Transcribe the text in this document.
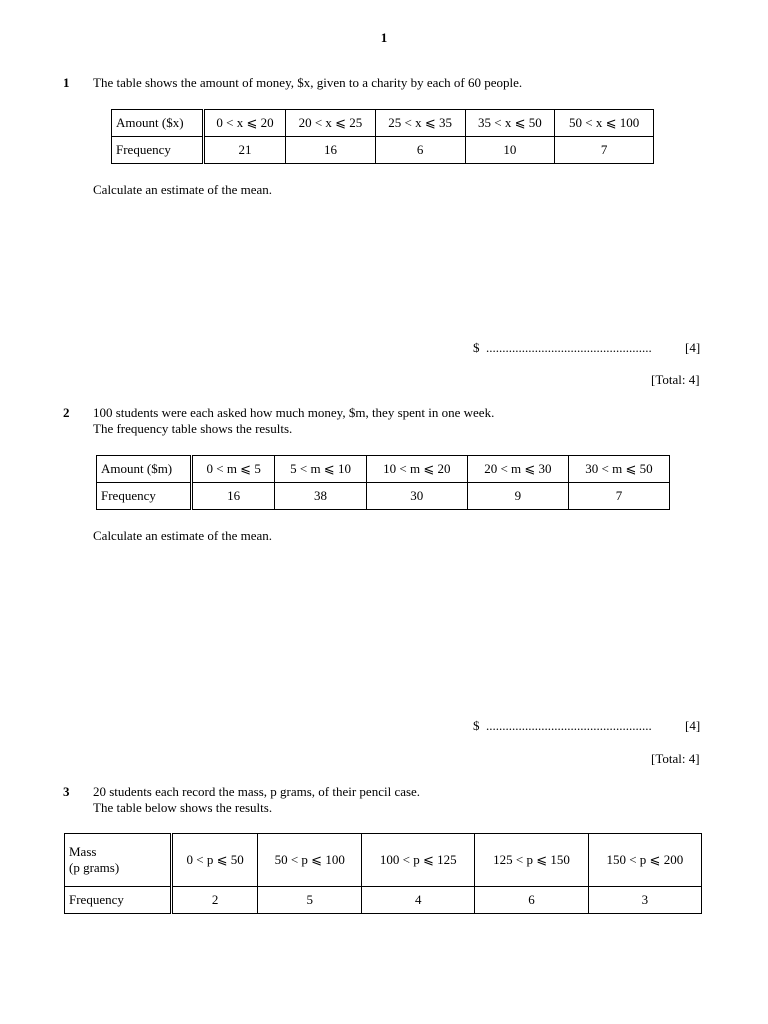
1
1 The table shows the amount of money, $x, given to a charity by each of 60 people.

Amount ($x)	0 < x ⩽ 20	20 < x ⩽ 25	25 < x ⩽ 35	35 < x ⩽ 50	50 < x ⩽ 100
Frequency	21	16	6	10	7
Calculate an estimate of the mean.
$ ...................................................	[4]
[Total: 4]
2 100 students were each asked how much money, $m, they spent in one week.

The frequency table shows the results.

Amount ($m)	0 < m ⩽ 5	5 < m ⩽ 10	10 < m ⩽ 20	20 < m ⩽ 30	30 < m ⩽ 50
Frequency	16	38	30	9	7
Calculate an estimate of the mean.
$ ...................................................	[4]
[Total: 4]
3 20 students each record the mass, p grams, of their pencil case.

The table below shows the results.

Mass
(p grams)	0 < p ⩽ 50	50 < p ⩽ 100	100 < p ⩽ 125	125 < p ⩽ 150	150 < p ⩽ 200
Frequency	2	5	4	6	3
